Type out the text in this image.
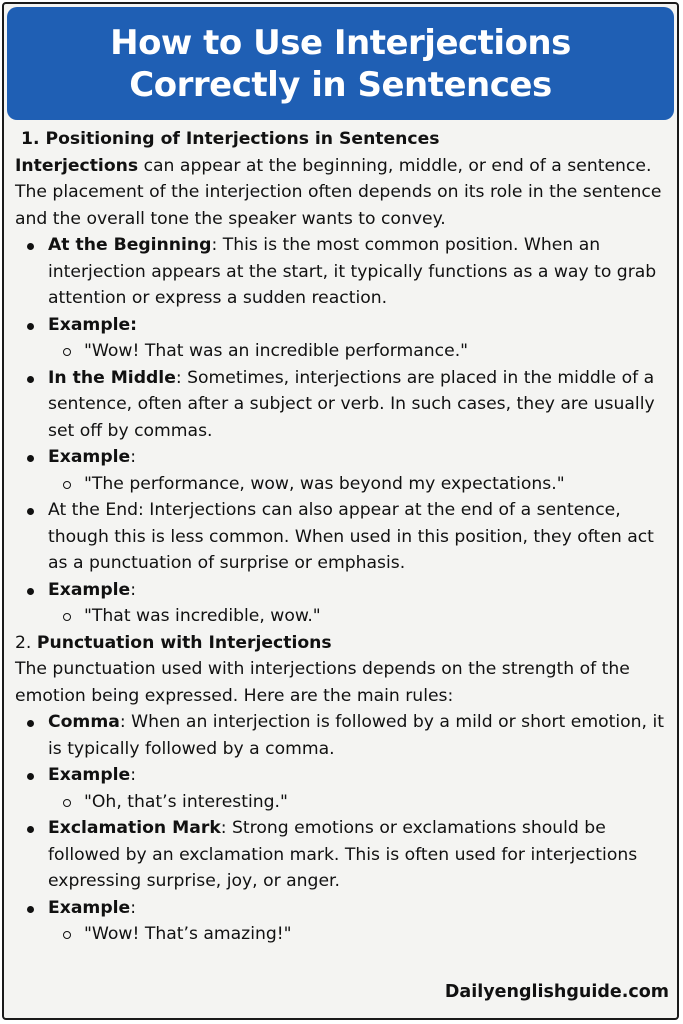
How to Use Interjections
Correctly in Sentences

1. Positioning of Interjections in Sentences

Interjections can appear at the beginning, middle, or end of a sentence. The placement of the interjection often depends on its role in the sentence and the overall tone the speaker wants to convey.

At the Beginning: This is the most common position. When an interjection appears at the start, it typically functions as a way to grab attention or express a sudden reaction.
Example:
"Wow! That was an incredible performance."
In the Middle: Sometimes, interjections are placed in the middle of a sentence, often after a subject or verb. In such cases, they are usually set off by commas.
Example:
"The performance, wow, was beyond my expectations."
At the End: Interjections can also appear at the end of a sentence, though this is less common. When used in this position, they often act as a punctuation of surprise or emphasis.
Example:
"That was incredible, wow."

2. Punctuation with Interjections

The punctuation used with interjections depends on the strength of the emotion being expressed. Here are the main rules:

Comma: When an interjection is followed by a mild or short emotion, it is typically followed by a comma.
Example:
"Oh, that’s interesting."
Exclamation Mark: Strong emotions or exclamations should be followed by an exclamation mark. This is often used for interjections expressing surprise, joy, or anger.
Example:
"Wow! That’s amazing!"
Dailyenglishguide.com
